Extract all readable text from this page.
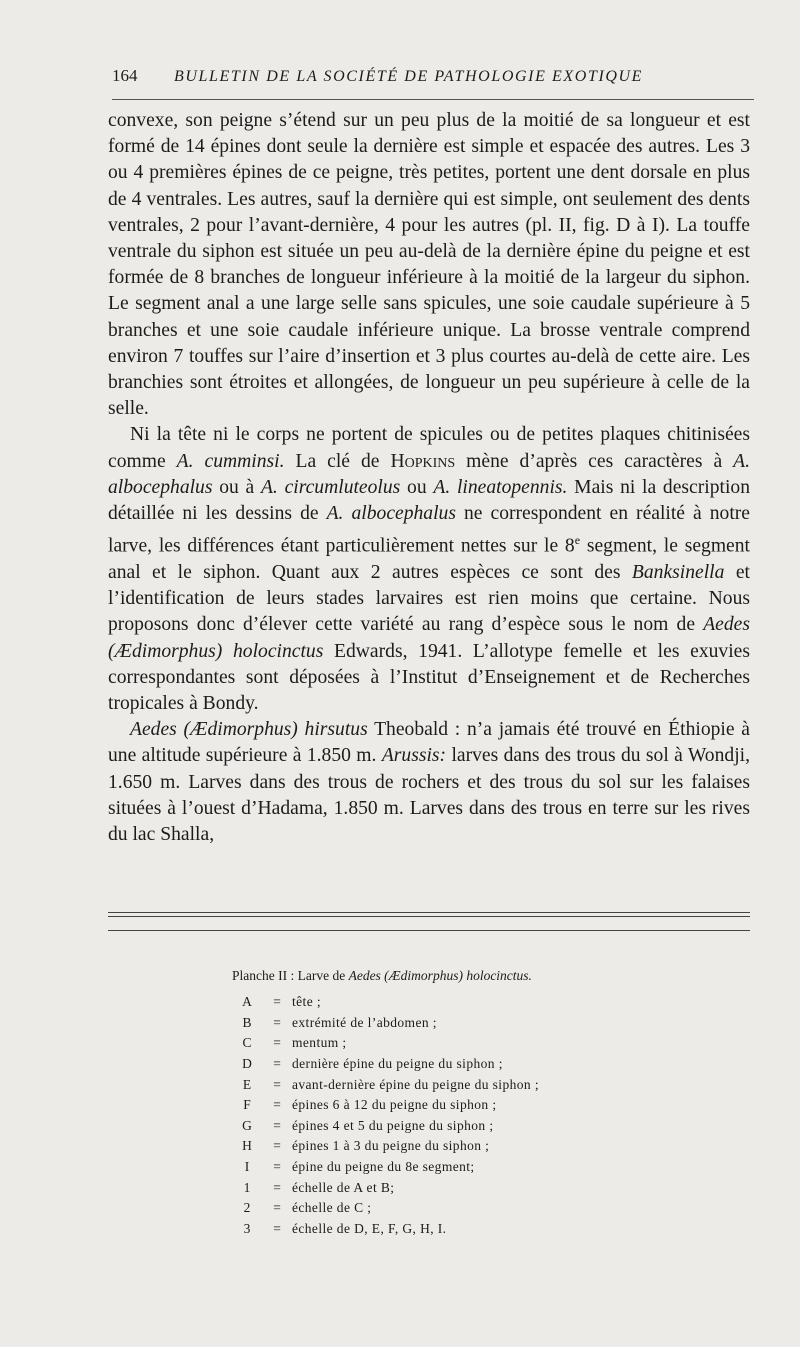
164	BULLETIN DE LA SOCIÉTÉ DE PATHOLOGIE EXOTIQUE

convexe, son peigne s’étend sur un peu plus de la moitié de sa longueur et est formé de 14 épines dont seule la dernière est simple et espacée des autres. Les 3 ou 4 premières épines de ce peigne, très petites, portent une dent dorsale en plus de 4 ventrales. Les autres, sauf la dernière qui est simple, ont seulement des dents ventrales, 2 pour l’avant-dernière, 4 pour les autres (pl. II, fig. D à I). La touffe ventrale du siphon est située un peu au-delà de la dernière épine du peigne et est formée de 8 branches de longueur inférieure à la moitié de la largeur du siphon. Le segment anal a une large selle sans spicules, une soie caudale supérieure à 5 branches et une soie caudale inférieure unique. La brosse ventrale comprend environ 7 touffes sur l’aire d’insertion et 3 plus courtes au-delà de cette aire. Les branchies sont étroites et allongées, de longueur un peu supérieure à celle de la selle.

Ni la tête ni le corps ne portent de spicules ou de petites plaques chitinisées comme A. cumminsi. La clé de Hopkins mène d’après ces caractères à A. albocephalus ou à A. circumluteolus ou A. lineatopennis. Mais ni la description détaillée ni les dessins de A. albocephalus ne correspondent en réalité à notre larve, les différences étant particulièrement nettes sur le 8e segment, le segment anal et le siphon. Quant aux 2 autres espèces ce sont des Banksinella et l’identification de leurs stades larvaires est rien moins que certaine. Nous proposons donc d’élever cette variété au rang d’espèce sous le nom de Aedes (Ædimorphus) holocinctus Edwards, 1941. L’allotype femelle et les exuvies correspondantes sont déposées à l’Institut d’Enseignement et de Recherches tropicales à Bondy.

Aedes (Ædimorphus) hirsutus Theobald : n’a jamais été trouvé en Éthiopie à une altitude supérieure à 1.850 m. Arussis: larves dans des trous du sol à Wondji, 1.650 m. Larves dans des trous de rochers et des trous du sol sur les falaises situées à l’ouest d’Hadama, 1.850 m. Larves dans des trous en terre sur les rives du lac Shalla,

Planche II : Larve de Aedes (Ædimorphus) holocinctus.
A	= tête ;
B	= extrémité de l’abdomen ;
C	= mentum ;
D	= dernière épine du peigne du siphon ;
E	= avant-dernière épine du peigne du siphon ;
F	= épines 6 à 12 du peigne du siphon ;
G	= épines 4 et 5 du peigne du siphon ;
H	= épines 1 à 3 du peigne du siphon ;
I	= épine du peigne du 8e segment;
1	= échelle de A et B;
2	= échelle de C ;
3	= échelle de D, E, F, G, H, I.
